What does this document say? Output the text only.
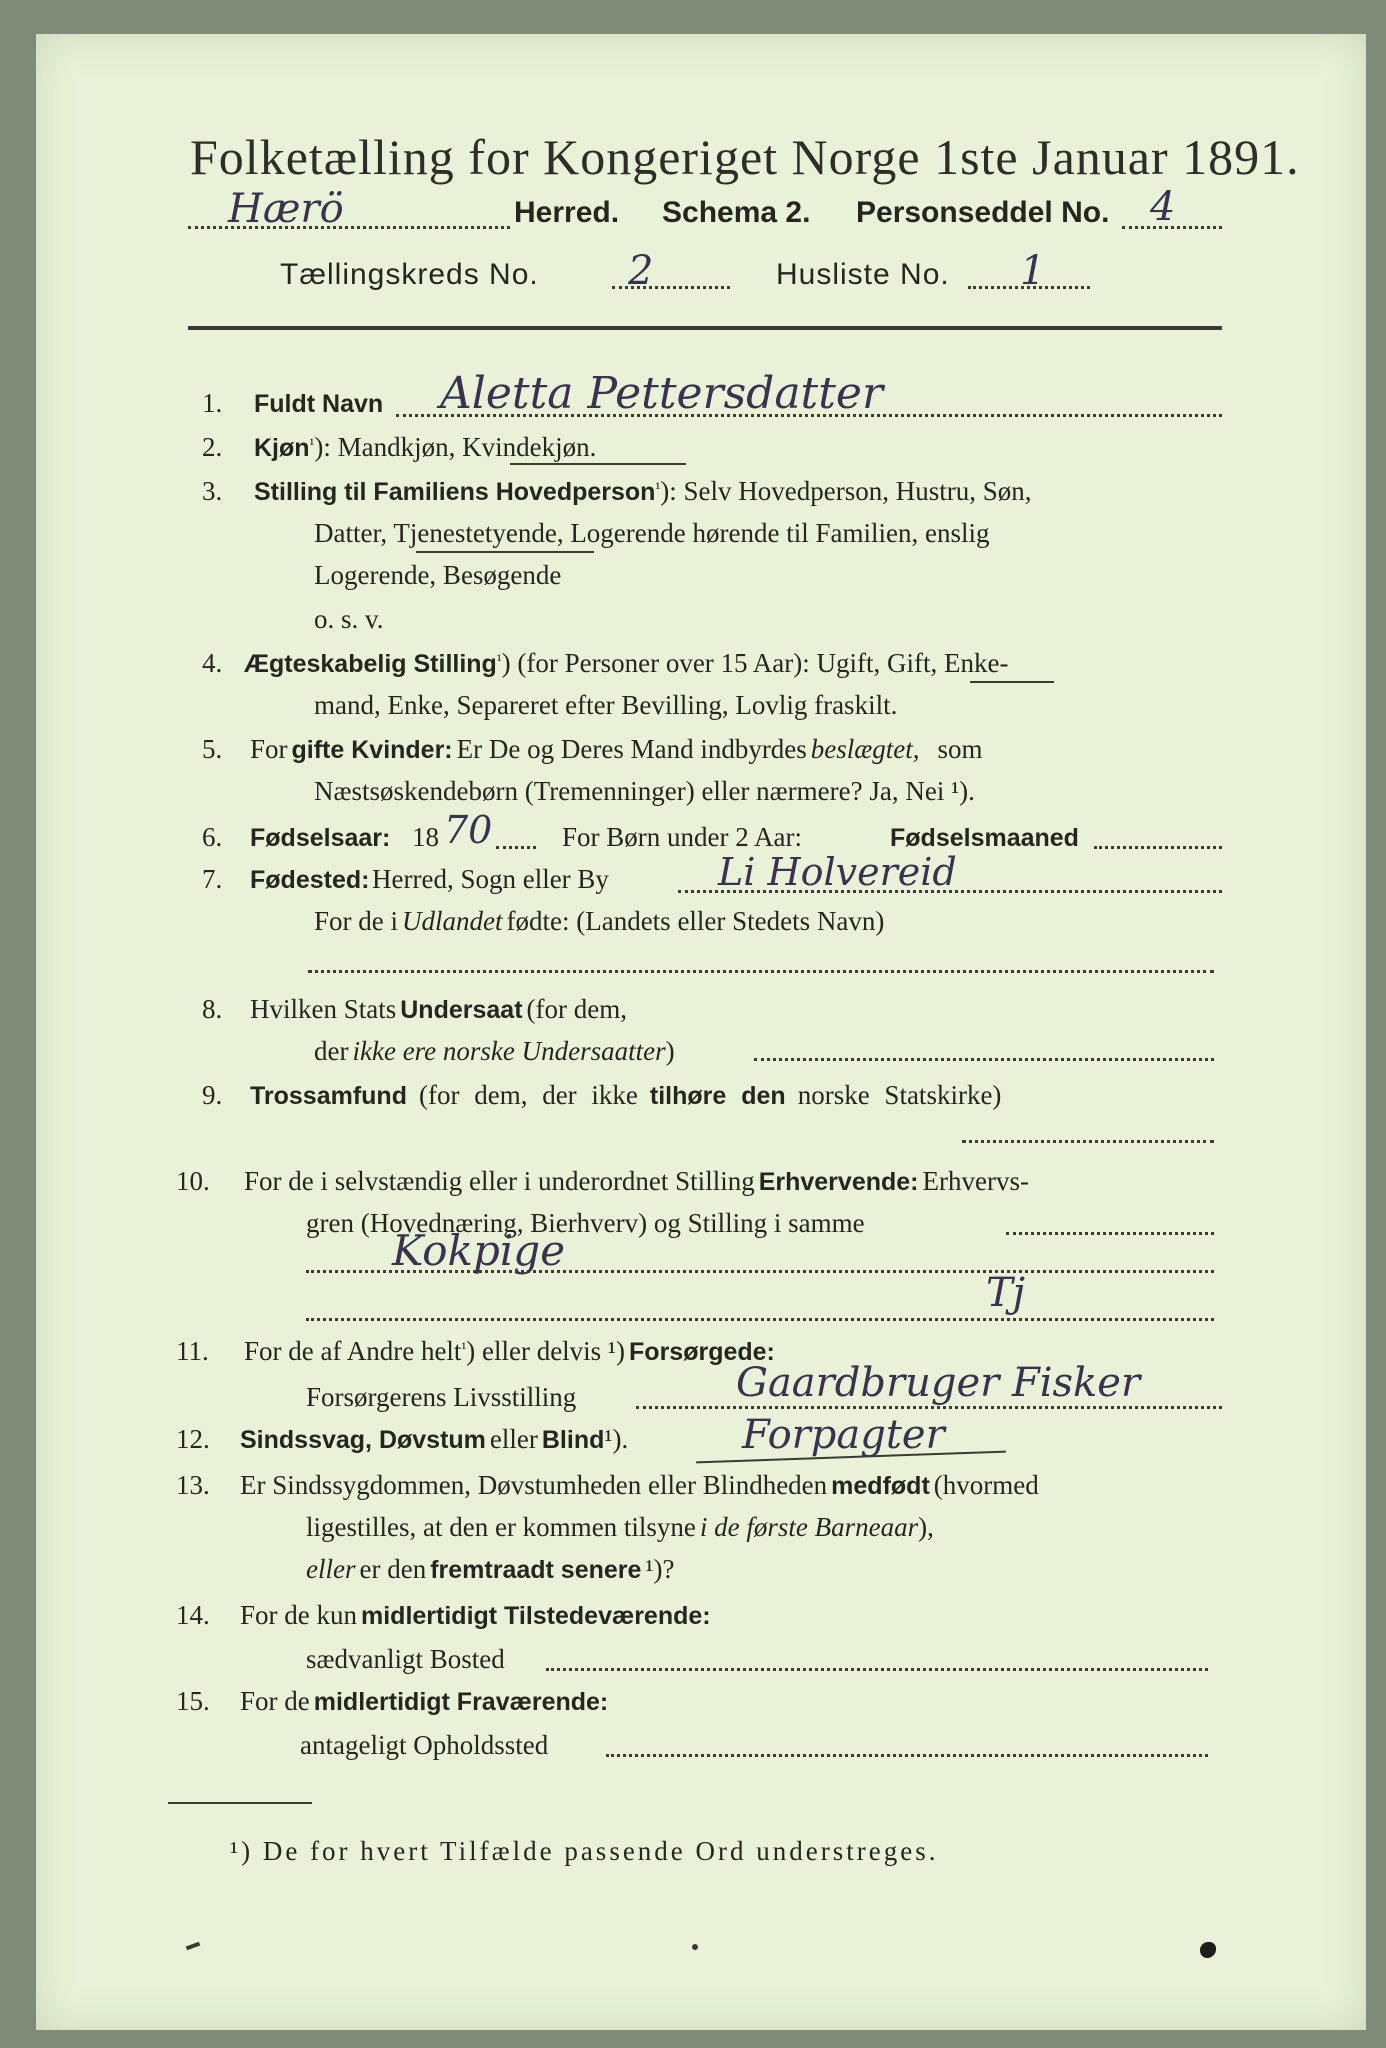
Folketælling for Kongeriget Norge 1ste Januar 1891.
Hærö	Herred. Schema 2. Personseddel No. 4
Tællingskreds No. 2	Husliste No. 1
1. Fuldt Navn Aletta Pettersdatter
2. Kjøn¹): Mandkjøn, Kvindekjøn.
3. Stilling til Familiens Hovedperson¹): Selv Hovedperson, Hustru, Søn,
Datter, Tjenestetyende, Logerende hørende til Familien, enslig
Logerende, Besøgende
o. s. v.
4. Ægteskabelig Stilling¹) (for Personer over 15 Aar): Ugift, Gift, Enke-
mand, Enke, Separeret efter Bevilling, Lovlig fraskilt.
5. For gifte Kvinder: Er De og Deres Mand indbyrdes beslægtet, som
Næstsøskendebørn (Tremenninger) eller nærmere? Ja, Nei ¹).
6. Fødselsaar: 18 70	For Børn under 2 Aar:	Fødselsmaaned
7. Fødested: Herred, Sogn eller By	Li Holvereid
For de i Udlandet fødte: (Landets eller Stedets Navn)
8. Hvilken Stats Undersaat (for dem,
der ikke ere norske Undersaatter)
9. Trossamfund (for dem, der ikke tilhøre den norske Statskirke)
10. For de i selvstændig eller i underordnet Stilling Erhvervende: Erhvervs-
gren (Hovednæring, Bierhverv) og Stilling i samme
Kokpige
Tj
11. For de af Andre helt¹) eller delvis ¹) Forsørgede:
Forsørgerens Livsstilling	Gaardbruger Fisker
12. Sindssvag, Døvstum eller Blind¹).	Forpagter
13. Er Sindssygdommen, Døvstumheden eller Blindheden medfødt (hvormed
ligestilles, at den er kommen tilsyne i de første Barneaar),
eller er den fremtraadt senere ¹)?
14. For de kun midlertidigt Tilstedeværende:
sædvanligt Bosted
15. For de midlertidigt Fraværende:
antageligt Opholdssted
¹) De for hvert Tilfælde passende Ord understreges.
